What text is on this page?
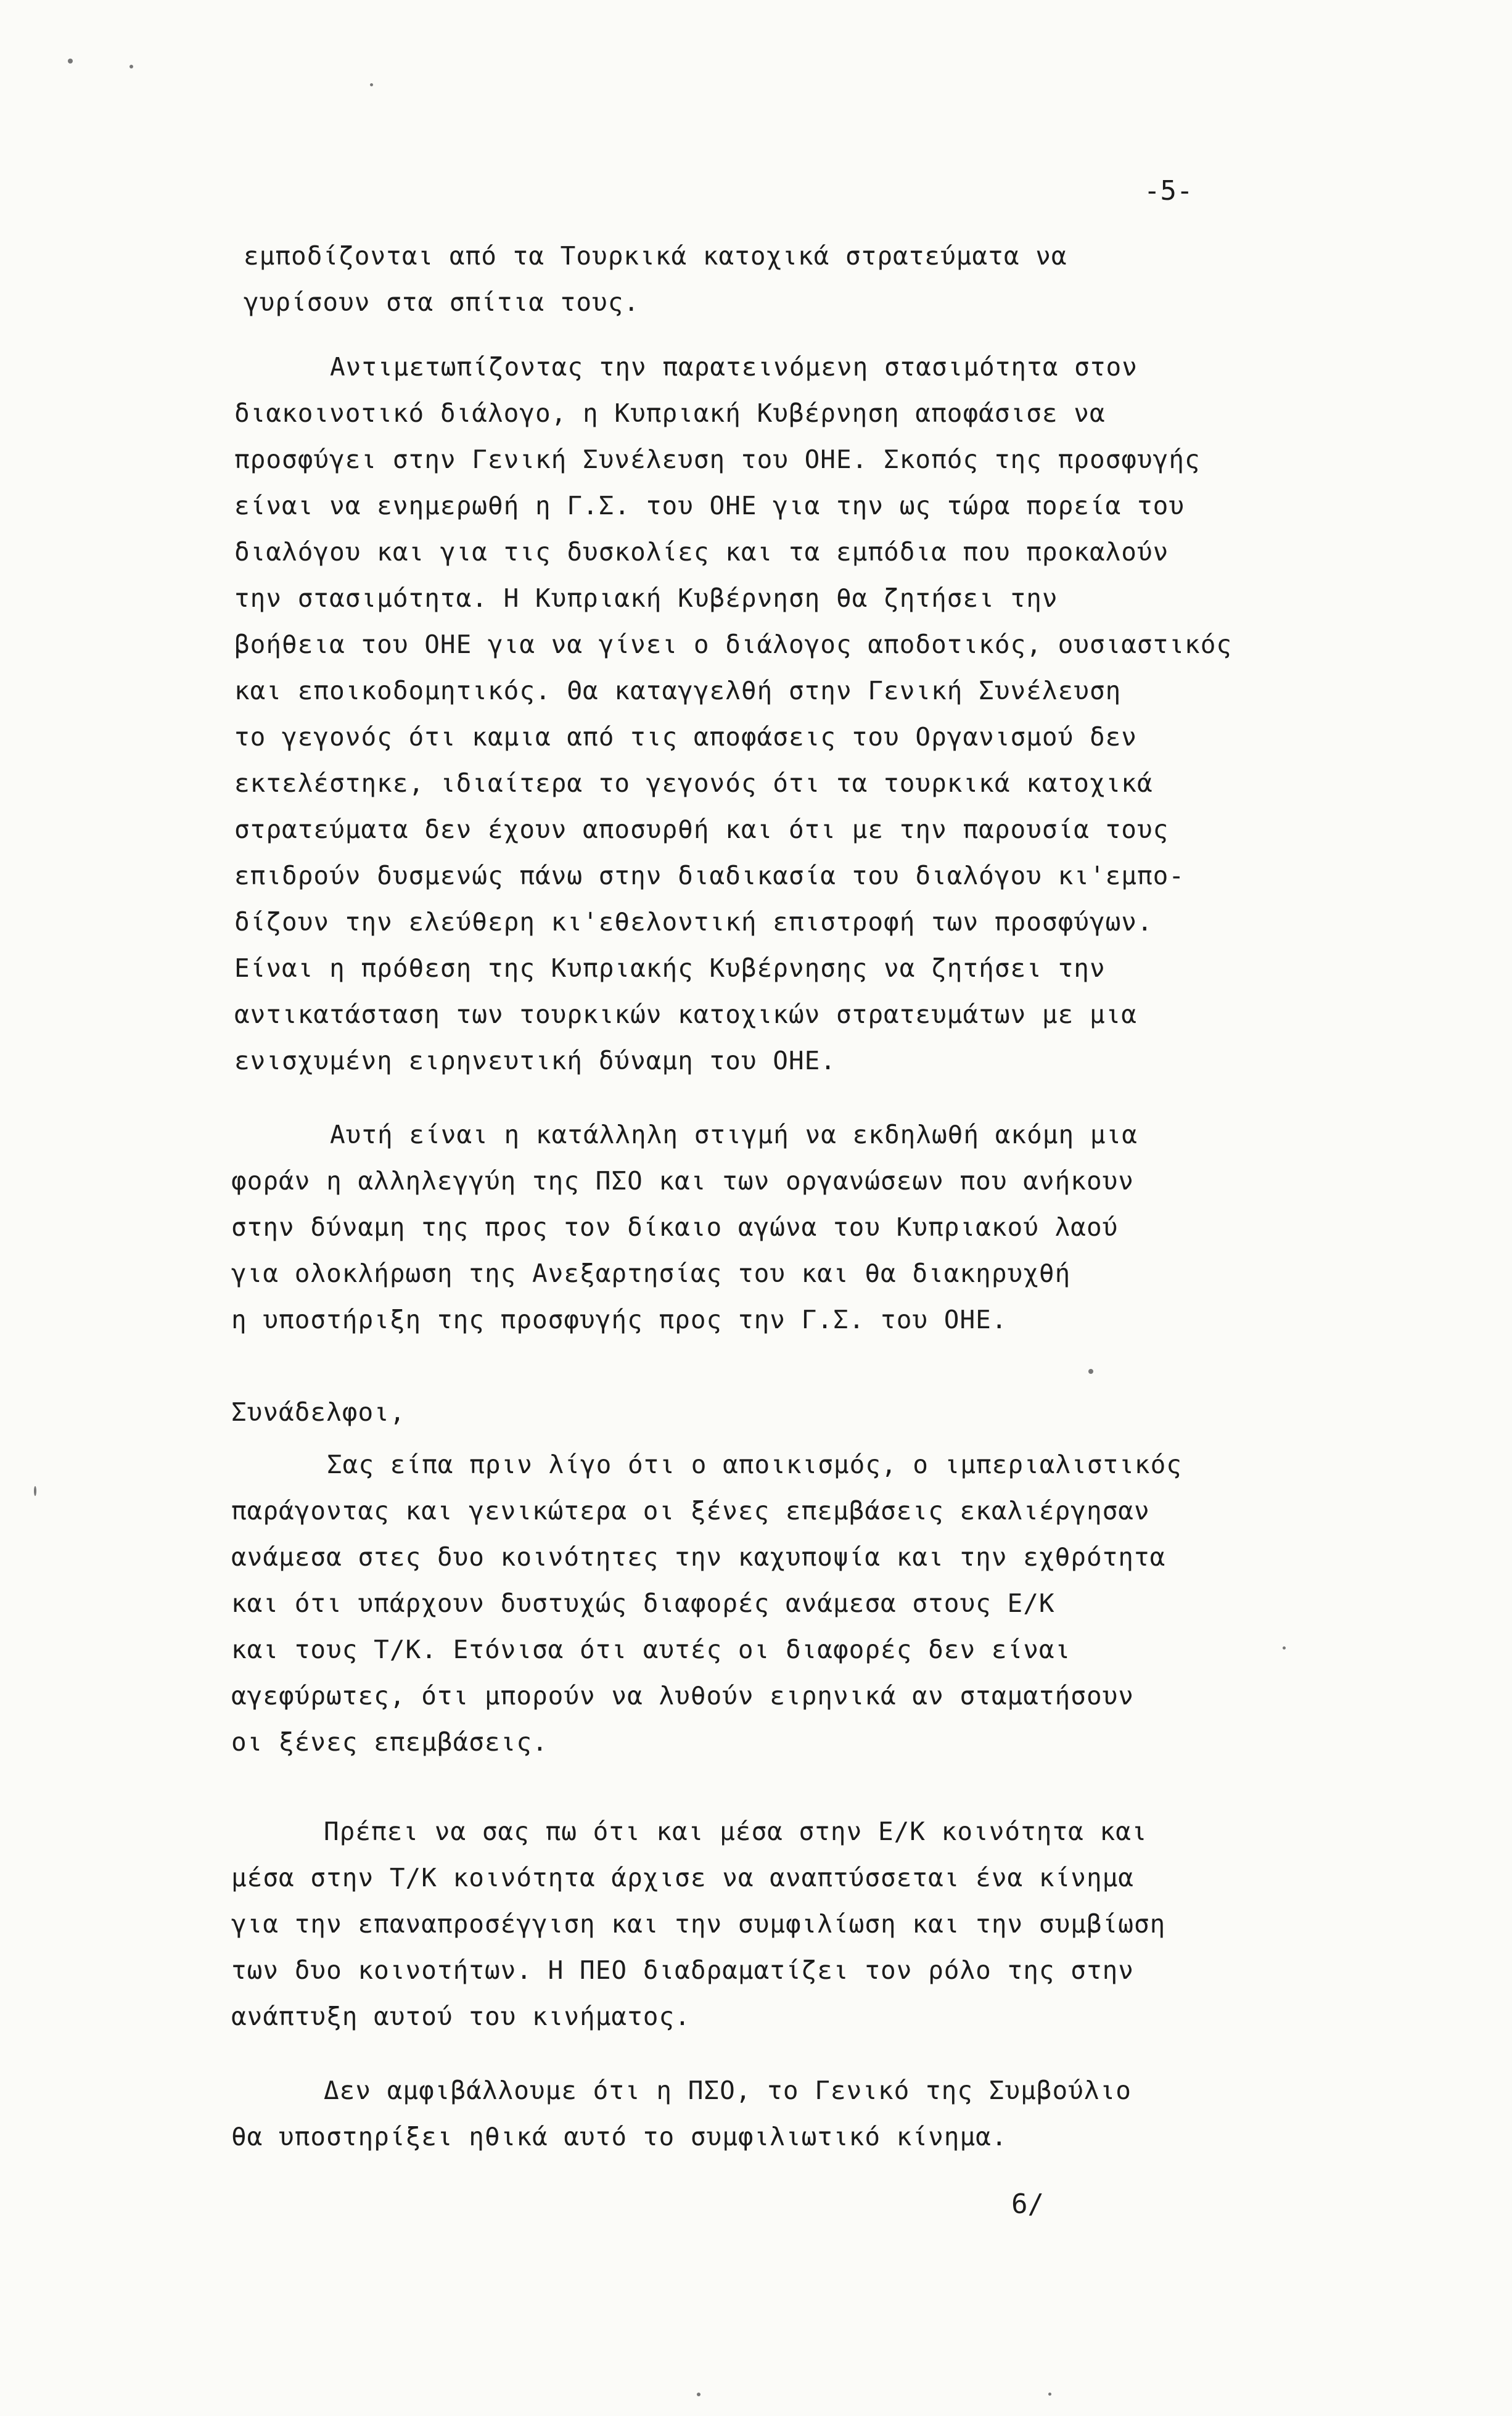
-5-

εμποδίζονται από τα Τουρκικά κατοχικά στρατεύματα να

γυρίσουν στα σπίτια τους.

Αντιμετωπίζοντας την παρατεινόμενη στασιμότητα στον

διακοινοτικό διάλογο, η Κυπριακή Κυβέρνηση αποφάσισε να

προσφύγει στην Γενική Συνέλευση του ΟΗΕ. Σκοπός της προσφυγής

είναι να ενημερωθή η Γ.Σ. του ΟΗΕ για την ως τώρα πορεία του

διαλόγου και για τις δυσκολίες και τα εμπόδια που προκαλούν

την στασιμότητα. Η Κυπριακή Κυβέρνηση θα ζητήσει την

βοήθεια του ΟΗΕ για να γίνει ο διάλογος αποδοτικός, ουσιαστικός

και εποικοδομητικός. Θα καταγγελθή στην Γενική Συνέλευση

το γεγονός ότι καμια από τις αποφάσεις του Οργανισμού δεν

εκτελέστηκε, ιδιαίτερα το γεγονός ότι τα τουρκικά κατοχικά

στρατεύματα δεν έχουν αποσυρθή και ότι με την παρουσία τους

επιδρούν δυσμενώς πάνω στην διαδικασία του διαλόγου κι'εμπο-

δίζουν την ελεύθερη κι'εθελοντική επιστροφή των προσφύγων.

Είναι η πρόθεση της Κυπριακής Κυβέρνησης να ζητήσει την

αντικατάσταση των τουρκικών κατοχικών στρατευμάτων με μια

ενισχυμένη ειρηνευτική δύναμη του ΟΗΕ.

Αυτή είναι η κατάλληλη στιγμή να εκδηλωθή ακόμη μια

φοράν η αλληλεγγύη της ΠΣΟ και των οργανώσεων που ανήκουν

στην δύναμη της προς τον δίκαιο αγώνα του Κυπριακού λαού

για ολοκλήρωση της Ανεξαρτησίας του και θα διακηρυχθή

η υποστήριξη της προσφυγής προς την Γ.Σ. του ΟΗΕ.

Συνάδελφοι,

Σας είπα πριν λίγο ότι ο αποικισμός, ο ιμπεριαλιστικός

παράγοντας και γενικώτερα οι ξένες επεμβάσεις εκαλιέργησαν

ανάμεσα στες δυο κοινότητες την καχυποψία και την εχθρότητα

και ότι υπάρχουν δυστυχώς διαφορές ανάμεσα στους Ε/Κ

και τους Τ/Κ. Ετόνισα ότι αυτές οι διαφορές δεν είναι

αγεφύρωτες, ότι μπορούν να λυθούν ειρηνικά αν σταματήσουν

οι ξένες επεμβάσεις.

Πρέπει να σας πω ότι και μέσα στην Ε/Κ κοινότητα και

μέσα στην Τ/Κ κοινότητα άρχισε να αναπτύσσεται ένα κίνημα

για την επαναπροσέγγιση και την συμφιλίωση και την συμβίωση

των δυο κοινοτήτων. Η ΠΕΟ διαδραματίζει τον ρόλο της στην

ανάπτυξη αυτού του κινήματος.

Δεν αμφιβάλλουμε ότι η ΠΣΟ, το Γενικό της Συμβούλιο

θα υποστηρίξει ηθικά αυτό το συμφιλιωτικό κίνημα.

6/
